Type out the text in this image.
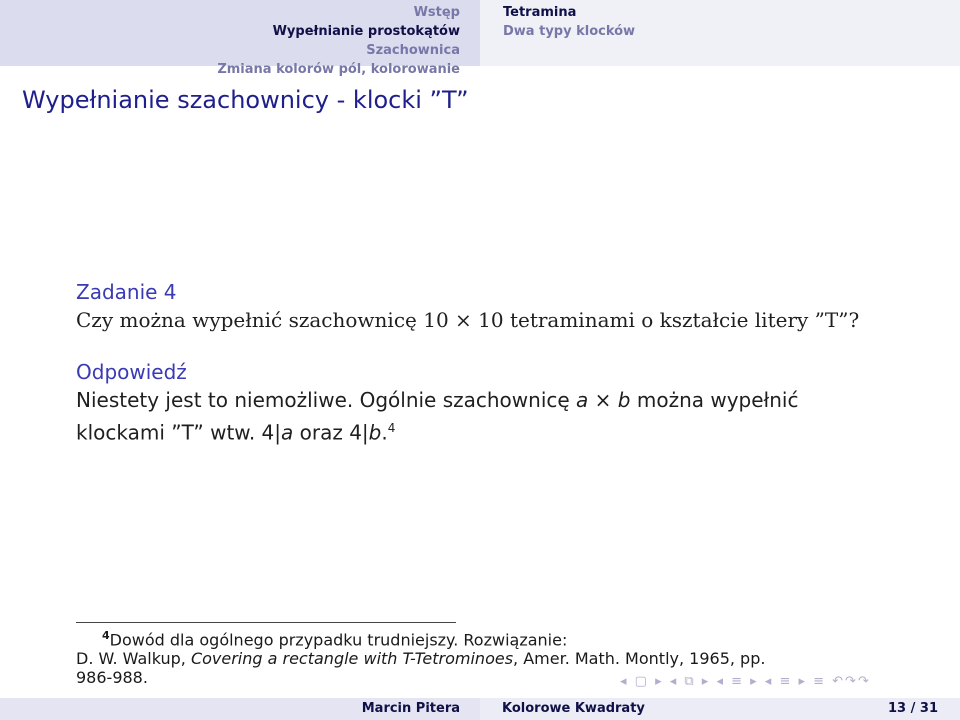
Wstęp
Wypełnianie prostokątów
Szachownica
Zmiana kolorów pól, kolorowanie
Tetramina
Dwa typy klocków
Wypełnianie szachownicy - klocki ”T”
Zadanie 4
Czy można wypełnić szachownicę 10 × 10 tetraminami o kształcie litery ”T”?
Odpowiedź
Niestety jest to niemożliwe. Ogólnie szachownicę a × b można wypełnić
klockami ”T” wtw. 4|a oraz 4|b.$^4$
$^4$Dowód dla ogólnego przypadku trudniejszy. Rozwiązanie:
D. W. Walkup, Covering a rectangle with T-Tetrominoes, Amer. Math. Montly, 1965, pp.
986-988.	◂ ▢ ▸ ◂ ⧉ ▸ ◂ ≡ ▸ ◂ ≡ ▸ ≡ ↶↷↷
Marcin Pitera	Kolorowe Kwadraty	13 / 31
